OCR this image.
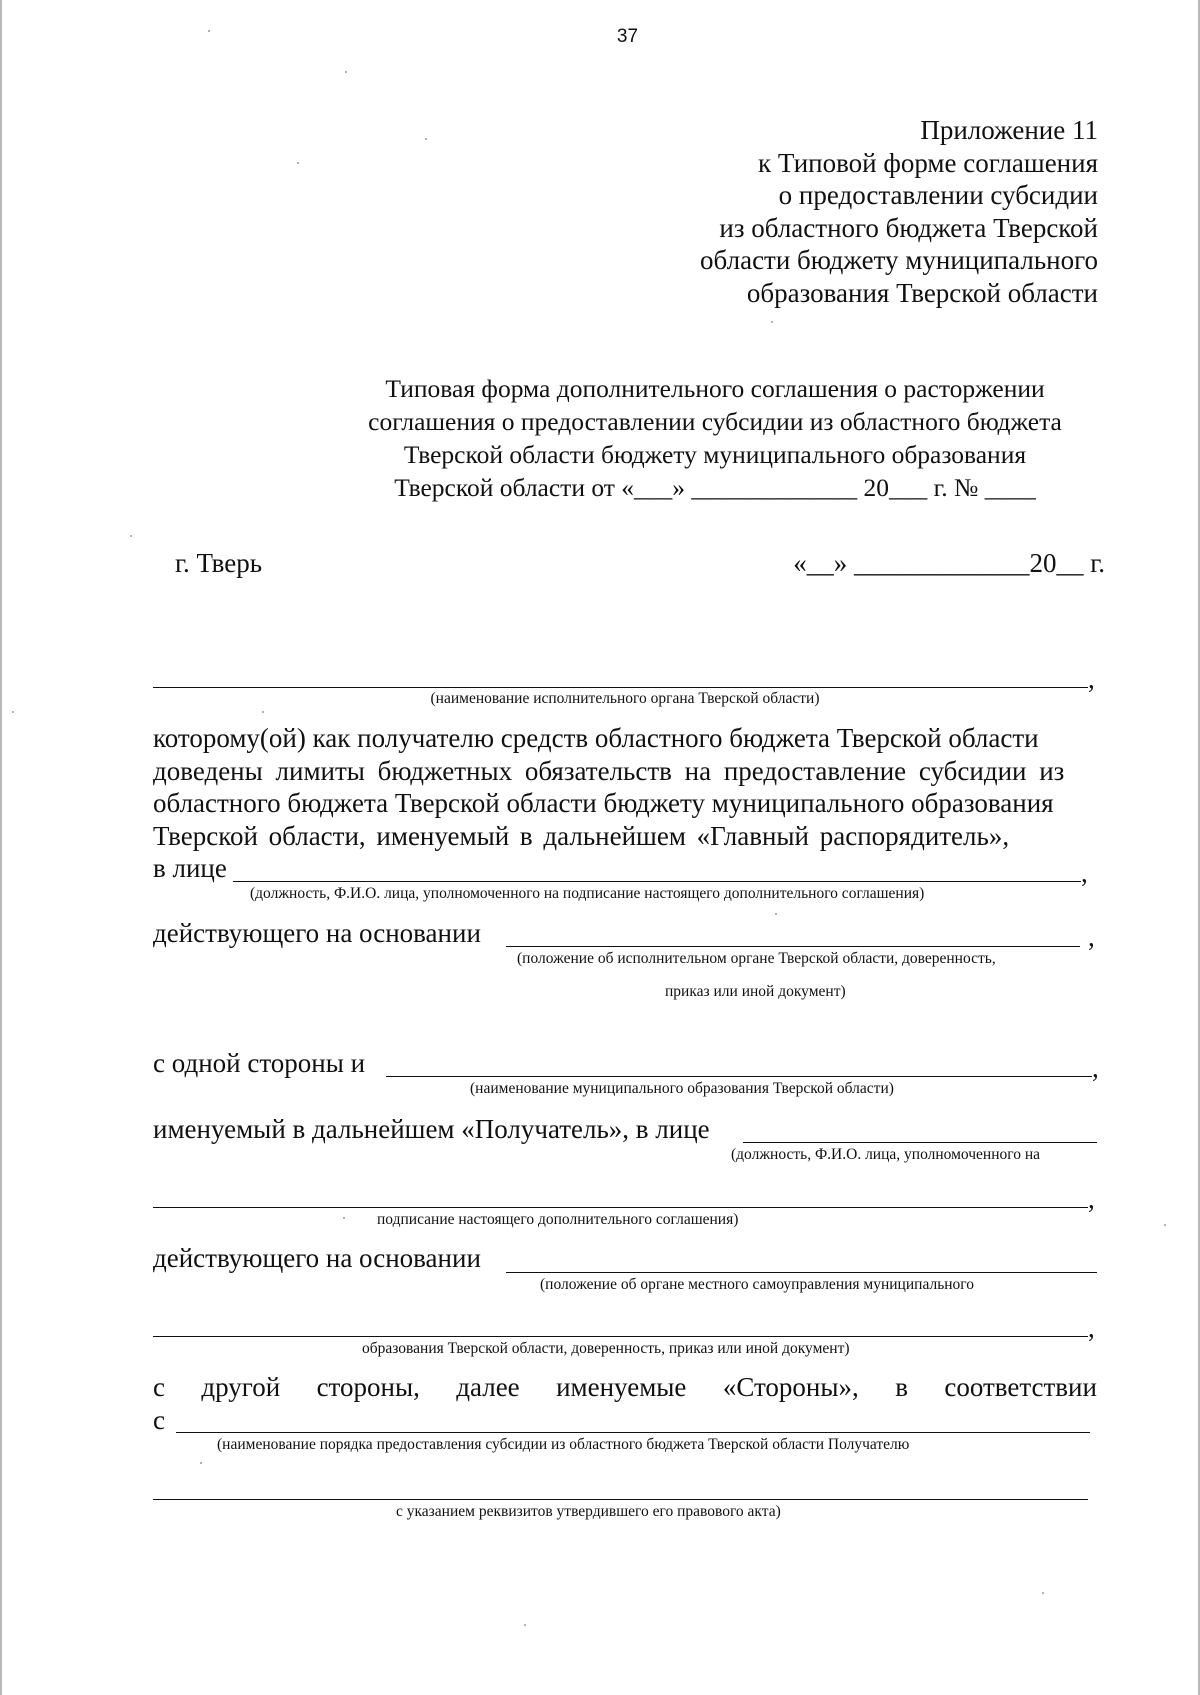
37
Приложение 11
к Типовой форме соглашения
о предоставлении субсидии
из областного бюджета Тверской
области бюджету муниципального
образования Тверской области
Типовая форма дополнительного соглашения о расторжении
соглашения о предоставлении субсидии из областного бюджета
Тверской области бюджету муниципального образования
Тверской области от «___» _____________ 20___ г. № ____
г. Тверь	«__» _____________20__ г.
,
(наименование исполнительного органа Тверской области)
которому(ой) как получателю средств областного бюджета Тверской области
доведены лимиты бюджетных обязательств на предоставление субсидии из
областного бюджета Тверской области бюджету муниципального образования
Тверской области, именуемый в дальнейшем «Главный распорядитель»,
в лице	,
(должность, Ф.И.О. лица, уполномоченного на подписание настоящего дополнительного соглашения)
действующего на основании	,
(положение об исполнительном органе Тверской области, доверенность,
приказ или иной документ)
с одной стороны и	,
(наименование муниципального образования Тверской области)
именуемый в дальнейшем «Получатель», в лице
(должность, Ф.И.О. лица, уполномоченного на
,
подписание настоящего дополнительного соглашения)
действующего на основании
(положение об органе местного самоуправления муниципального
,
образования Тверской области, доверенность, приказ или иной документ)
с другой стороны, далее именуемые «Стороны», в соответствии
с
(наименование порядка предоставления субсидии из областного бюджета Тверской области Получателю
с указанием реквизитов утвердившего его правового акта)
